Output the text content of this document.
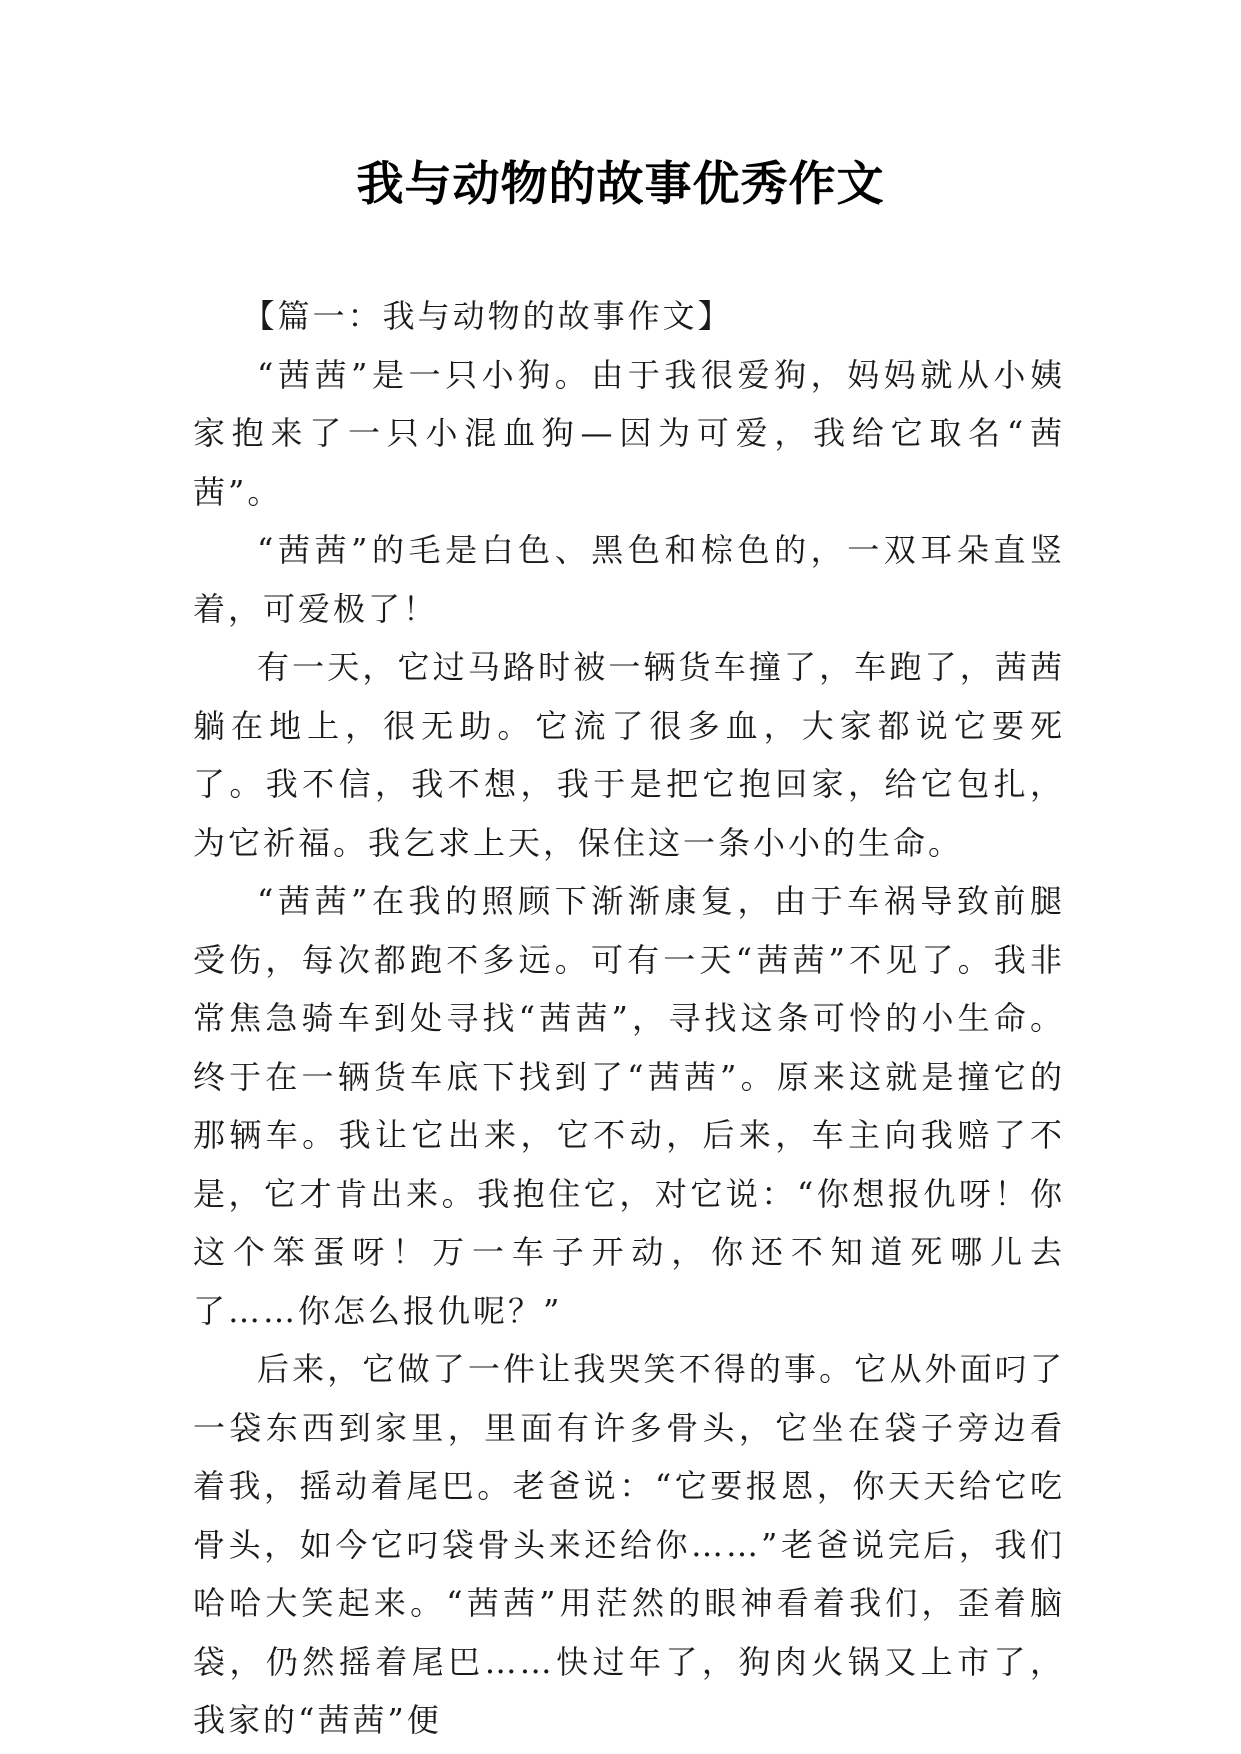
我与动物的故事优秀作文

【篇一：我与动物的故事作文】

“茜茜”是一只小狗。由于我很爱狗，妈妈就从小姨家抱来了一只小混血狗—因为可爱，我给它取名“茜茜”。

“茜茜”的毛是白色、黑色和棕色的，一双耳朵直竖着，可爱极了！

有一天，它过马路时被一辆货车撞了，车跑了，茜茜躺在地上，很无助。它流了很多血，大家都说它要死了。我不信，我不想，我于是把它抱回家，给它包扎，为它祈福。我乞求上天，保住这一条小小的生命。

“茜茜”在我的照顾下渐渐康复，由于车祸导致前腿受伤，每次都跑不多远。可有一天“茜茜”不见了。我非常焦急骑车到处寻找“茜茜”，寻找这条可怜的小生命。终于在一辆货车底下找到了“茜茜”。原来这就是撞它的那辆车。我让它出来，它不动，后来，车主向我赔了不是，它才肯出来。我抱住它，对它说：“你想报仇呀！你这个笨蛋呀！万一车子开动，你还不知道死哪儿去了……你怎么报仇呢？”

后来，它做了一件让我哭笑不得的事。它从外面叼了一袋东西到家里，里面有许多骨头，它坐在袋子旁边看着我，摇动着尾巴。老爸说：“它要报恩，你天天给它吃骨头，如今它叼袋骨头来还给你……”老爸说完后，我们哈哈大笑起来。“茜茜”用茫然的眼神看着我们，歪着脑袋，仍然摇着尾巴……快过年了，狗肉火锅又上市了，我家的“茜茜”便
